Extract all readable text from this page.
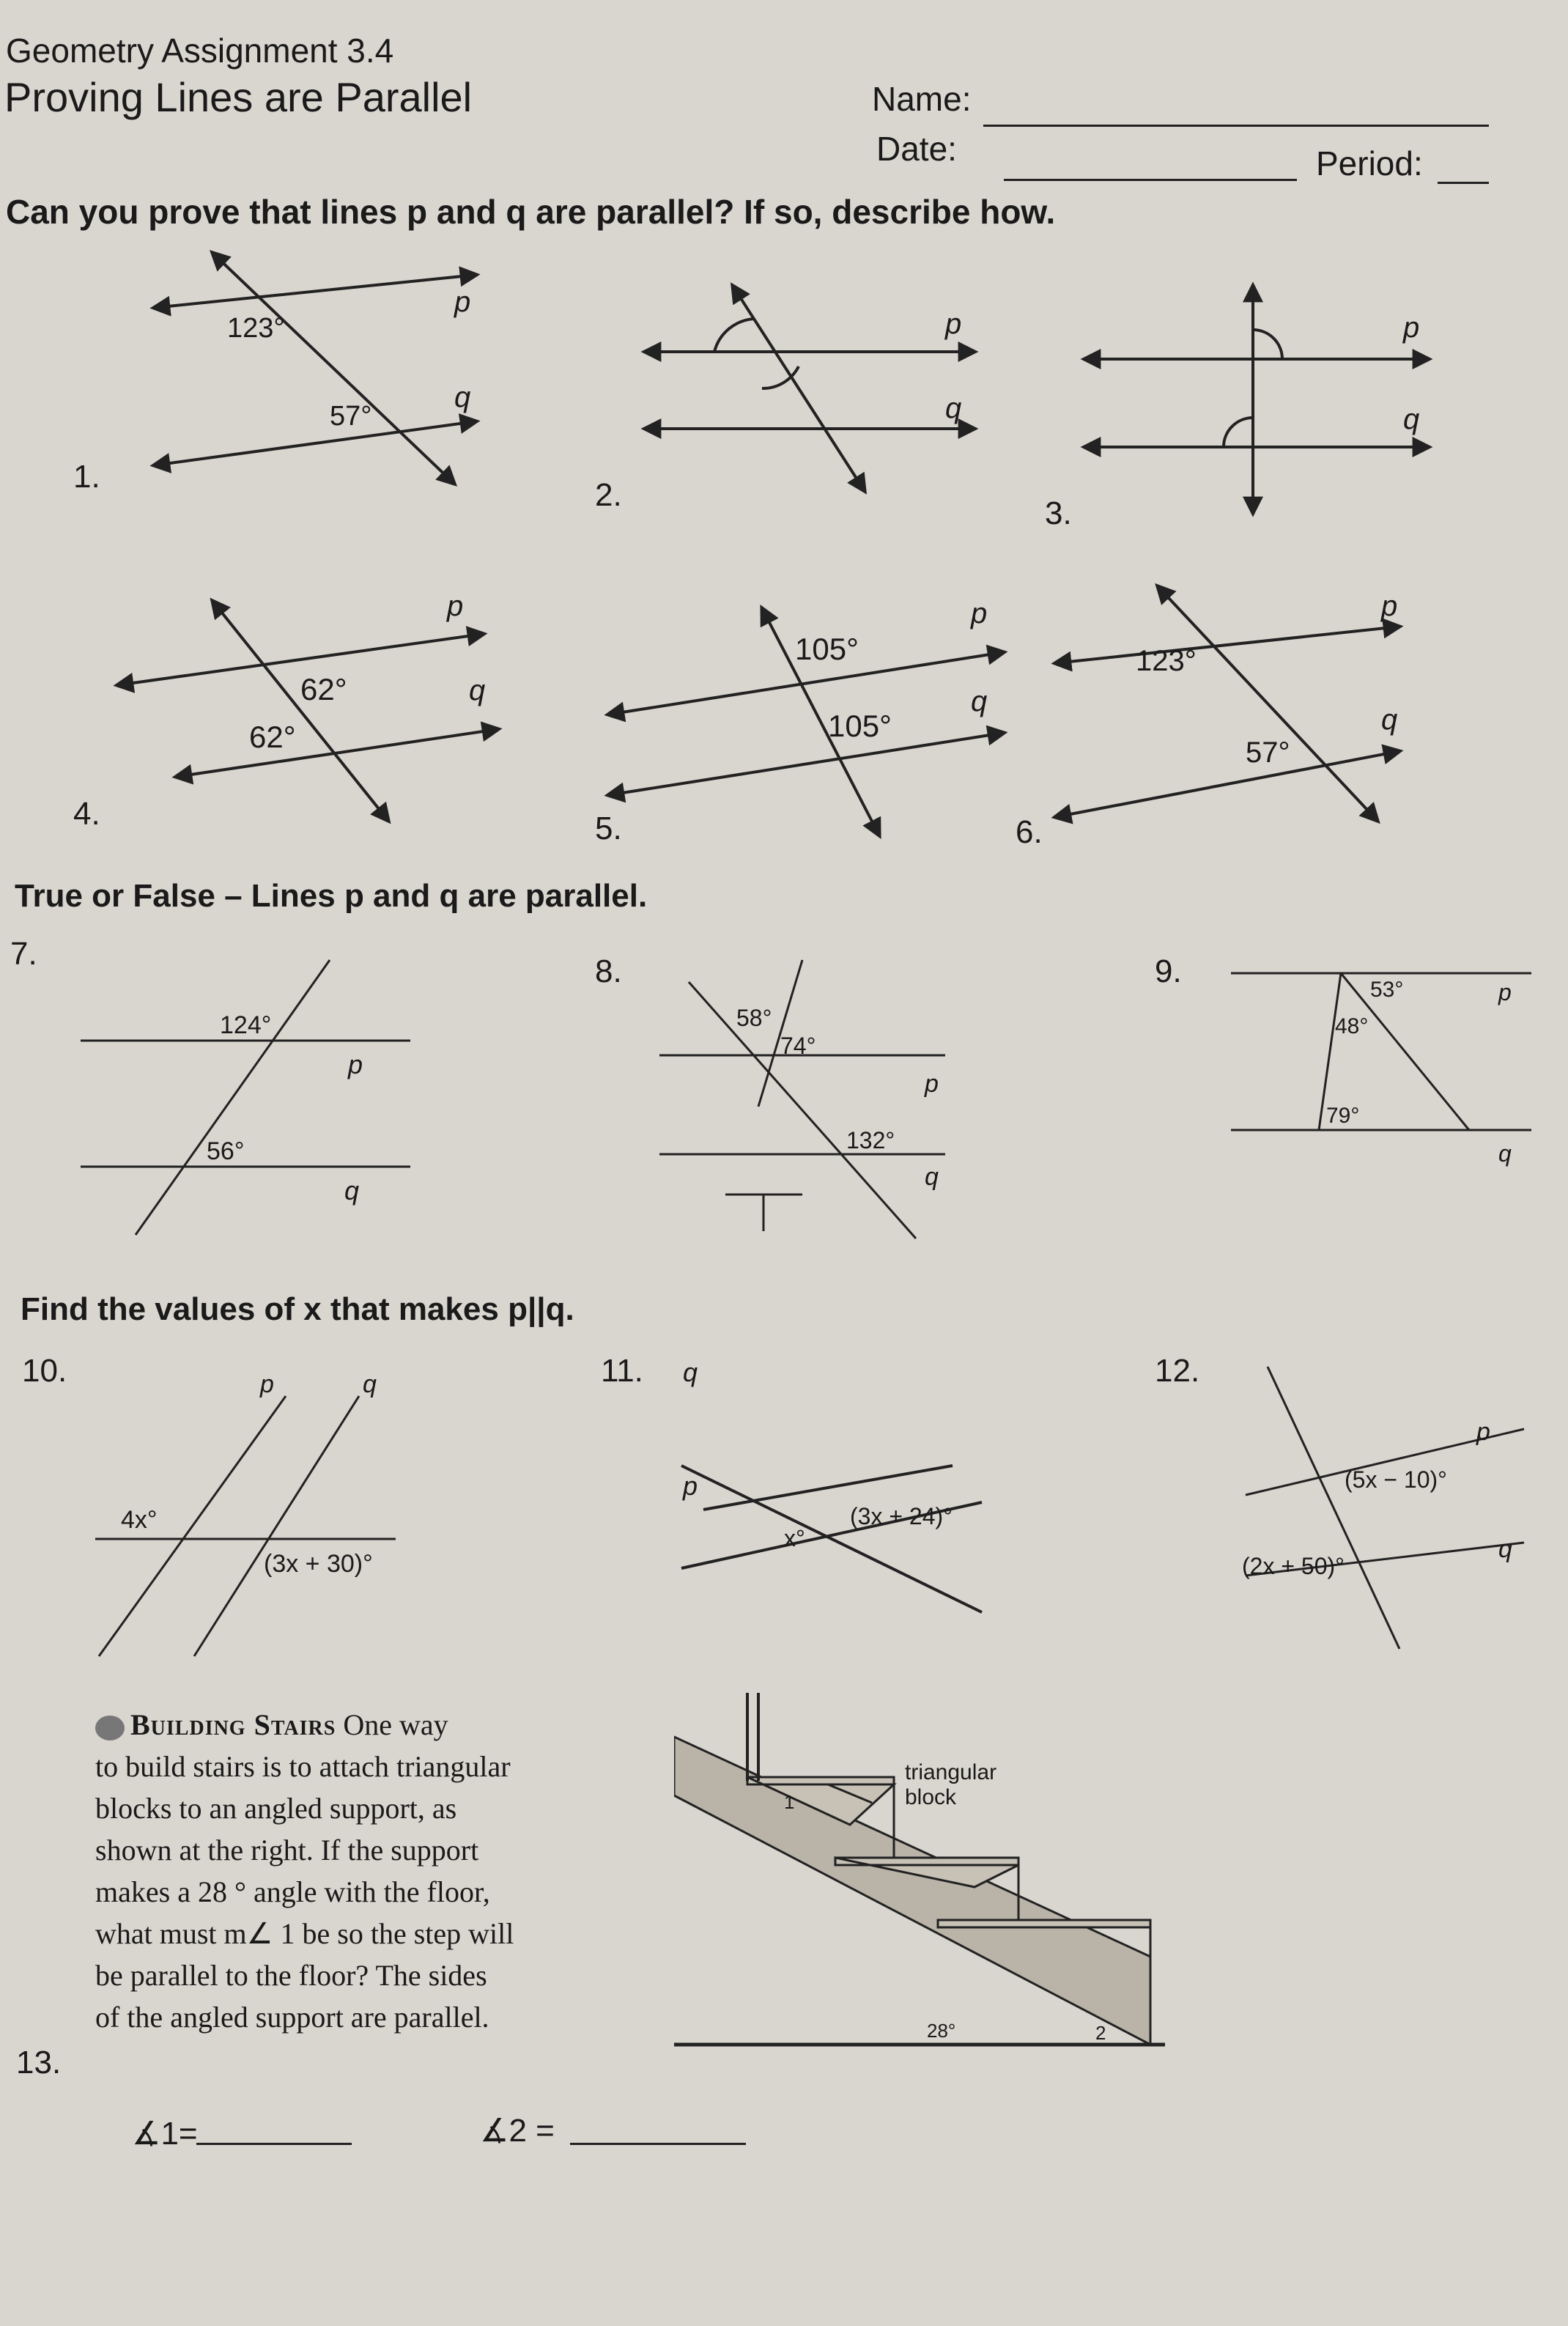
Geometry Assignment 3.4
Proving Lines are Parallel	Name:
Date:	Period:
Can you prove that lines p and q are parallel? If so, describe how.
123°
57°
p
q
1.
p
q
2.
p
q
3.
62°
62°
p
q
4.
105°
105°
p
q
5.
123°
57°
p
q
6.
True or False – Lines p and q are parallel.
7.
124°
56°
p
q
8.
58°
74°
132°
p
q
9.
53°
48°
79°
p
q
Find the values of x that makes p||q.
10.
4x°
(3x + 30)°
p	q	11.
(3x + 24)°
x°
q
p
12.
(5x − 10)°
(2x + 50)°
p
q
Building Stairs One way
to build stairs is to attach triangular
blocks to an angled support, as
shown at the right. If the support
makes a 28 ° angle with the floor,
what must m∠ 1 be so the step will
be parallel to the floor? The sides
of the angled support are parallel.
13.
triangular
block
1
2
28°
∡1=	∡2 =
